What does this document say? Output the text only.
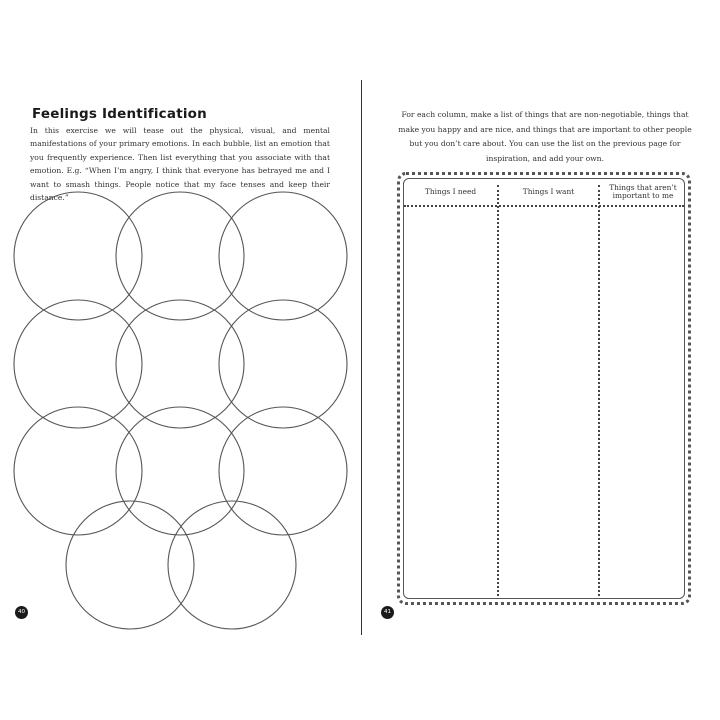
Feelings Identification

In this exercise we will tease out the physical, visual, and mental manifestations of your primary emotions. In each bubble, list an emotion that you frequently experience. Then list everything that you associate with that emotion. E.g. “When I’m angry, I think that everyone has betrayed me and I want to smash things. People notice that my face tenses and keep their distance.”

40

For each column, make a list of things that are non-negotiable, things that make you happy and are nice, and things that are important to other people but you don’t care about. You can use the list on the previous page for inspiration, and add your own.

Things I need	Things I want	Things that aren’t important to me
41
